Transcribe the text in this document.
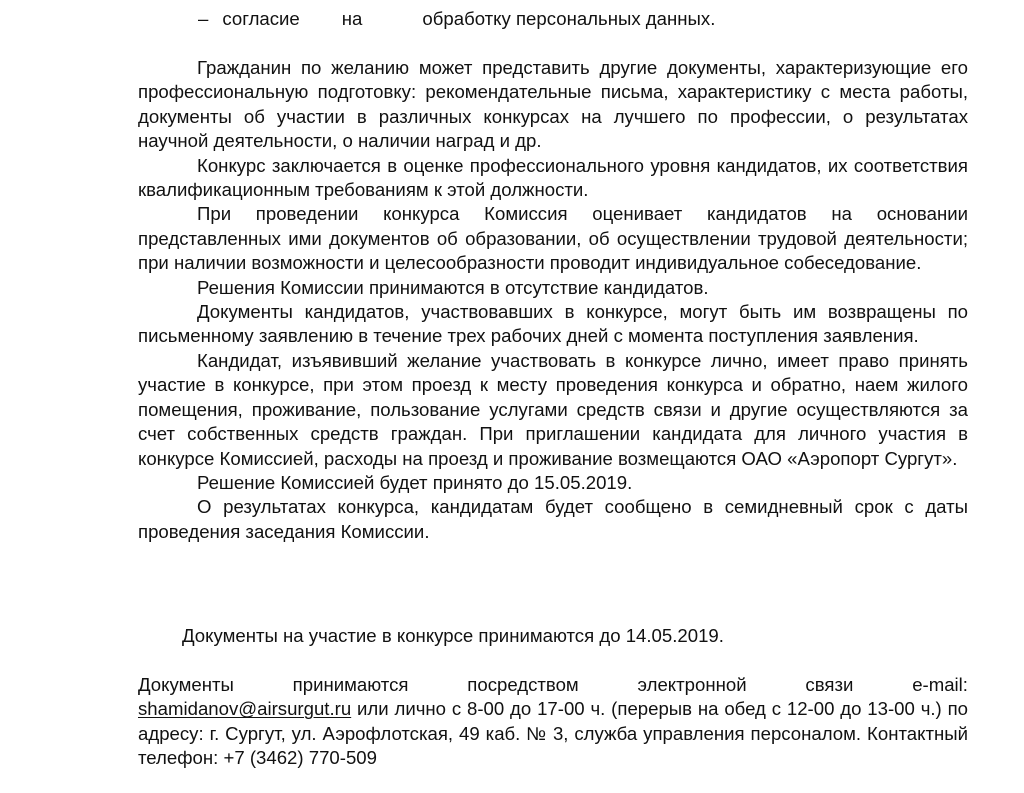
– согласие на	обработку персональных данных.

Гражданин по желанию может представить другие документы, характеризующие его профессиональную подготовку: рекомендательные письма, характеристику с места работы, документы об участии в различных конкурсах на лучшего по профессии, о результатах научной деятельности, о наличии наград и др.

Конкурс заключается в оценке профессионального уровня кандидатов, их соответствия квалификационным требованиям к этой должности.

При проведении конкурса Комиссия оценивает кандидатов на основании представленных ими документов об образовании, об осуществлении трудовой деятельности; при наличии возможности и целесообразности проводит индивидуальное собеседование.

Решения Комиссии принимаются в отсутствие кандидатов.

Документы кандидатов, участвовавших в конкурсе, могут быть им возвращены по письменному заявлению в течение трех рабочих дней с момента поступления заявления.

Кандидат, изъявивший желание участвовать в конкурсе лично, имеет право принять участие в конкурсе, при этом проезд к месту проведения конкурса и обратно, наем жилого помещения, проживание, пользование услугами средств связи и другие осуществляются за счет собственных средств граждан. При приглашении кандидата для личного участия в конкурсе Комиссией, расходы на проезд и проживание возмещаются ОАО «Аэропорт Сургут».

Решение Комиссией будет принято до 15.05.2019.

О результатах конкурса, кандидатам будет сообщено в семидневный срок с даты проведения заседания Комиссии.

Документы на участие в конкурсе принимаются до 14.05.2019.
Документы	принимаются	посредством	электронной	связи	e-mail:

shamidanov@airsurgut.ru или лично с 8-00 до 17-00 ч. (перерыв на обед с 12-00 до 13-00 ч.) по адресу: г. Сургут, ул. Аэрофлотская, 49 каб. № 3, служба управления персоналом. Контактный телефон: +7 (3462) 770-509
